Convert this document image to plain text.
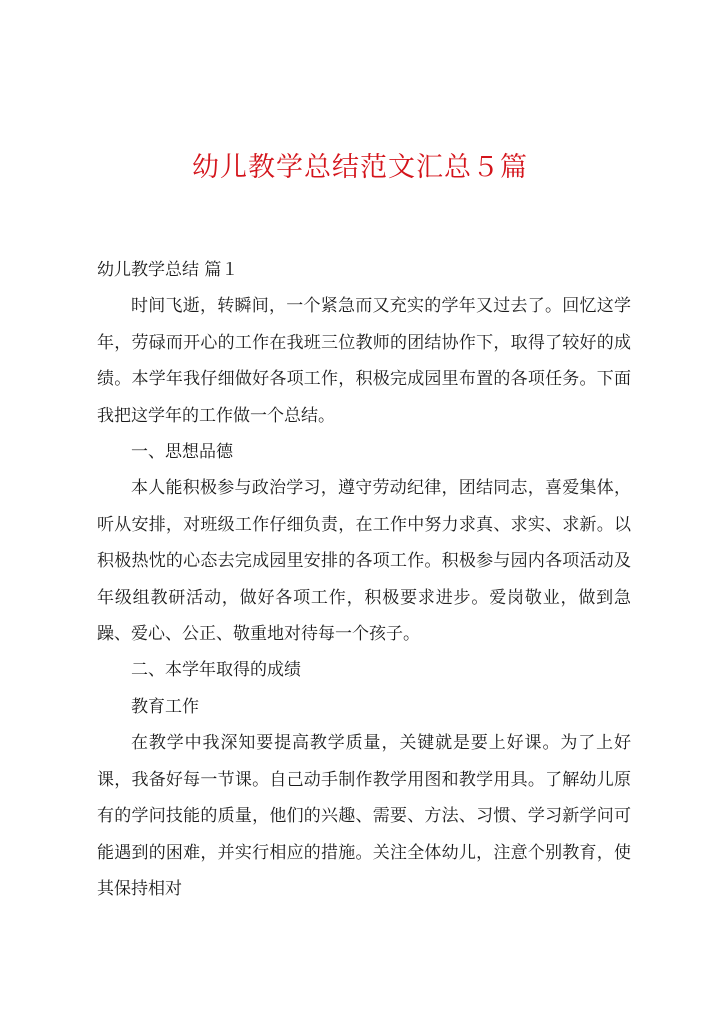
幼儿教学总结范文汇总５篇

幼儿教学总结 篇１

时间飞逝，转瞬间，一个紧急而又充实的学年又过去了。回忆这学年，劳碌而开心的工作在我班三位教师的团结协作下，取得了较好的成绩。本学年我仔细做好各项工作，积极完成园里布置的各项任务。下面我把这学年的工作做一个总结。

一、思想品德

本人能积极参与政治学习，遵守劳动纪律，团结同志，喜爱集体，听从安排，对班级工作仔细负责，在工作中努力求真、求实、求新。以积极热忱的心态去完成园里安排的各项工作。积极参与园内各项活动及年级组教研活动，做好各项工作，积极要求进步。爱岗敬业，做到急躁、爱心、公正、敬重地对待每一个孩子。

二、本学年取得的成绩

教育工作

在教学中我深知要提高教学质量，关键就是要上好课。为了上好课，我备好每一节课。自己动手制作教学用图和教学用具。了解幼儿原有的学问技能的质量，他们的兴趣、需要、方法、习惯、学习新学问可能遇到的困难，并实行相应的措施。关注全体幼儿，注意个别教育，使其保持相对
